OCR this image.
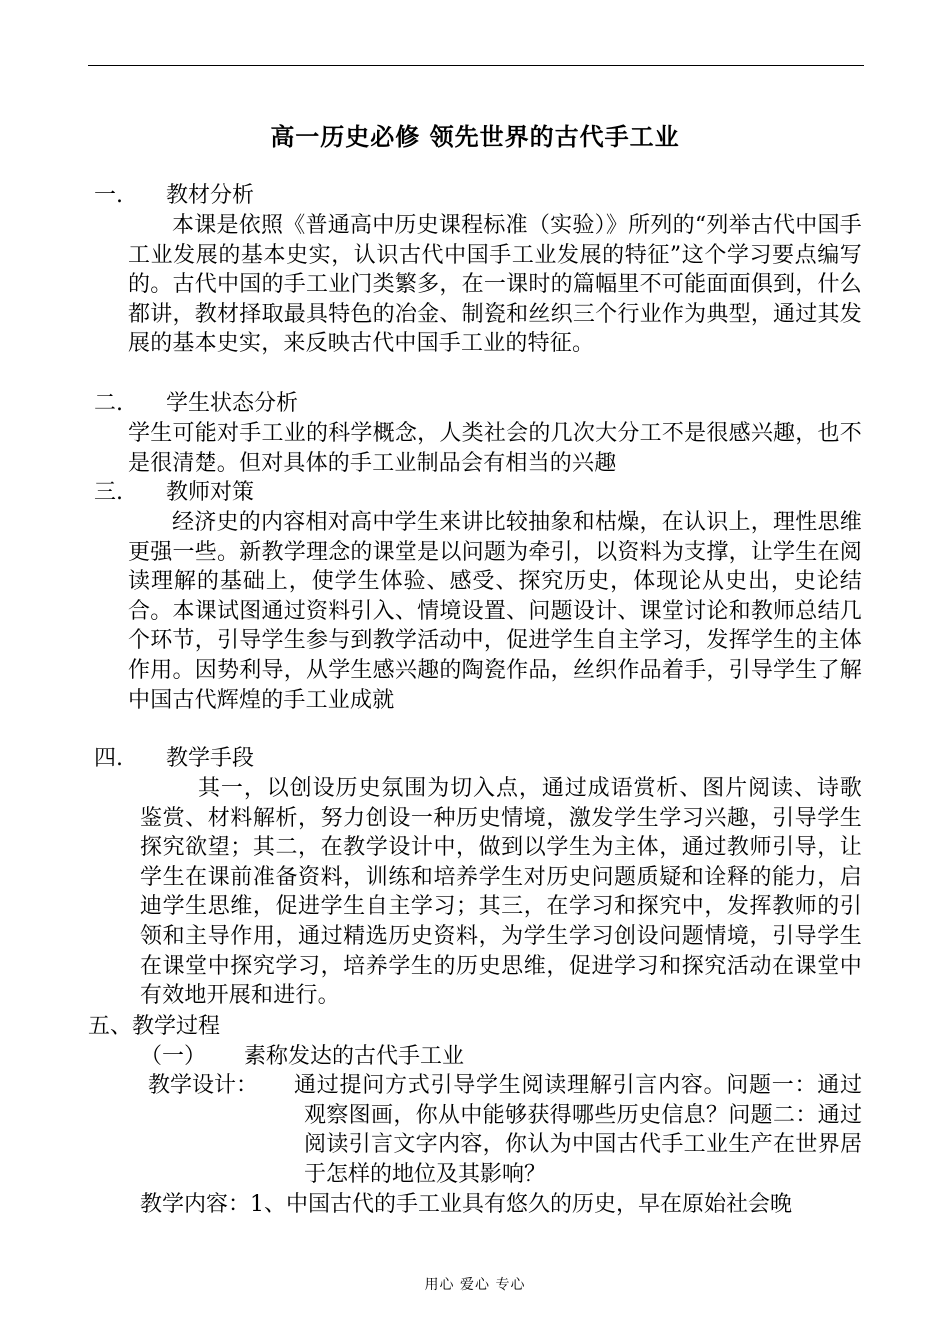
高一历史必修 领先世界的古代手工业
一. 教材分析
本课是依照《普通高中历史课程标准（实验）》所列的“列举古代中国手工业发展的基本史实，认识古代中国手工业发展的特征”这个学习要点编写的。古代中国的手工业门类繁多，在一课时的篇幅里不可能面面俱到，什么都讲，教材择取最具特色的冶金、制瓷和丝织三个行业作为典型，通过其发展的基本史实，来反映古代中国手工业的特征。
二. 学生状态分析
学生可能对手工业的科学概念，人类社会的几次大分工不是很感兴趣，也不是很清楚。但对具体的手工业制品会有相当的兴趣
三. 教师对策
经济史的内容相对高中学生来讲比较抽象和枯燥，在认识上，理性思维更强一些。新教学理念的课堂是以问题为牵引，以资料为支撑，让学生在阅读理解的基础上，使学生体验、感受、探究历史，体现论从史出，史论结合。本课试图通过资料引入、情境设置、问题设计、课堂讨论和教师总结几个环节，引导学生参与到教学活动中，促进学生自主学习，发挥学生的主体作用。因势利导，从学生感兴趣的陶瓷作品，丝织作品着手，引导学生了解中国古代辉煌的手工业成就
四. 教学手段
其一，以创设历史氛围为切入点，通过成语赏析、图片阅读、诗歌鉴赏、材料解析，努力创设一种历史情境，激发学生学习兴趣，引导学生探究欲望；其二，在教学设计中，做到以学生为主体，通过教师引导，让学生在课前准备资料，训练和培养学生对历史问题质疑和诠释的能力，启迪学生思维，促进学生自主学习；其三，在学习和探究中，发挥教师的引领和主导作用，通过精选历史资料，为学生学习创设问题情境，引导学生在课堂中探究学习，培养学生的历史思维，促进学习和探究活动在课堂中有效地开展和进行。
五、教学过程
（一） 素称发达的古代手工业
教学设计： 通过提问方式引导学生阅读理解引言内容。问题一：通过观察图画，你从中能够获得哪些历史信息？问题二：通过阅读引言文字内容，你认为中国古代手工业生产在世界居于怎样的地位及其影响？
教学内容： 1、中国古代的手工业具有悠久的历史，早在原始社会晚
用心 爱心 专心
